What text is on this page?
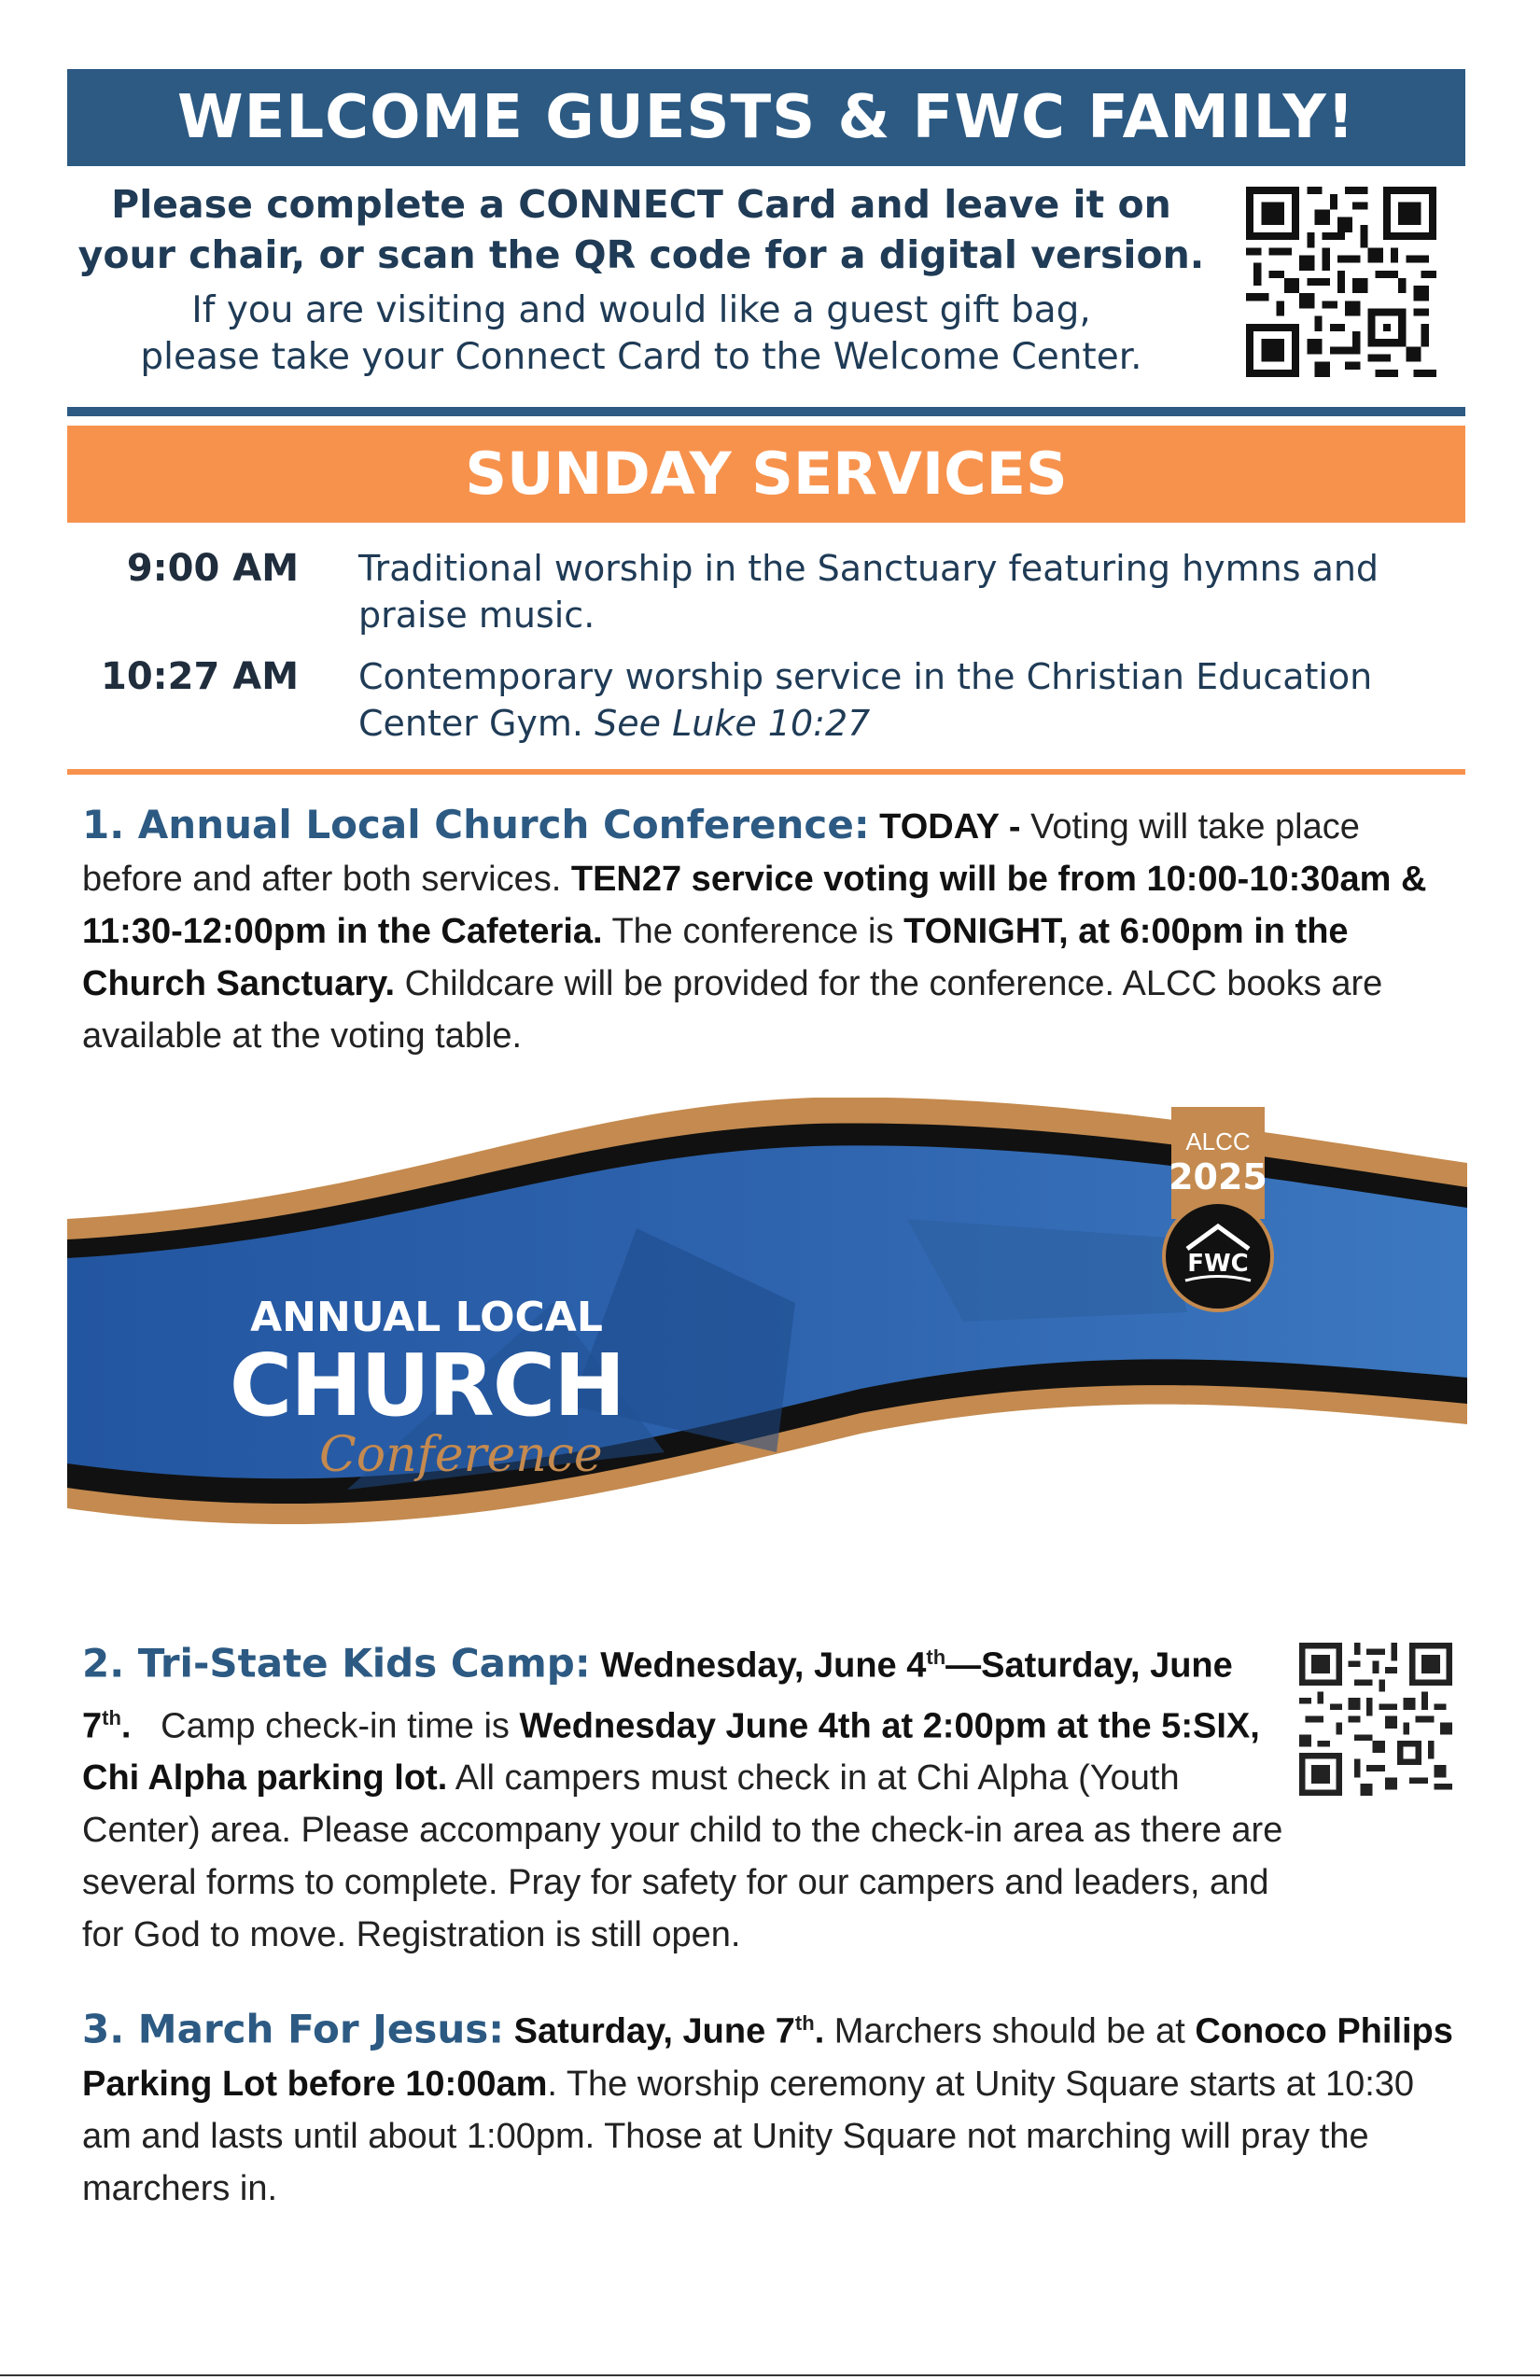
WELCOME GUESTS & FWC FAMILY!
Please complete a CONNECT Card and leave it on
your chair, or scan the QR code for a digital version.
If you are visiting and would like a guest gift bag,
please take your Connect Card to the Welcome Center.
SUNDAY SERVICES
9:00 AM Traditional worship in the Sanctuary featuring hymns and
praise music.
10:27 AM Contemporary worship service in the Christian Education
Center Gym. See Luke 10:27
1. Annual Local Church Conference: TODAY - Voting will take place before and after both services. TEN27 service voting will be from 10:00-10:30am & 11:30-12:00pm in the Cafeteria. The conference is TONIGHT, at 6:00pm in the Church Sanctuary. Childcare will be provided for the conference. ALCC books are available at the voting table.
ALCC
2025
FWC
ANNUAL LOCAL
CHURCH
Conference
2. Tri-State Kids Camp: Wednesday, June 4th—Saturday, June 7th.   Camp check-in time is Wednesday June 4th at 2:00pm at the 5:SIX, Chi Alpha parking lot. All campers must check in at Chi Alpha (Youth Center) area. Please accompany your child to the check-in area as there are several forms to complete. Pray for safety for our campers and leaders, and for God to move. Registration is still open.
3. March For Jesus: Saturday, June 7th. Marchers should be at Conoco Philips Parking Lot before 10:00am. The worship ceremony at Unity Square starts at 10:30 am and lasts until about 1:00pm. Those at Unity Square not marching will pray the marchers in.
